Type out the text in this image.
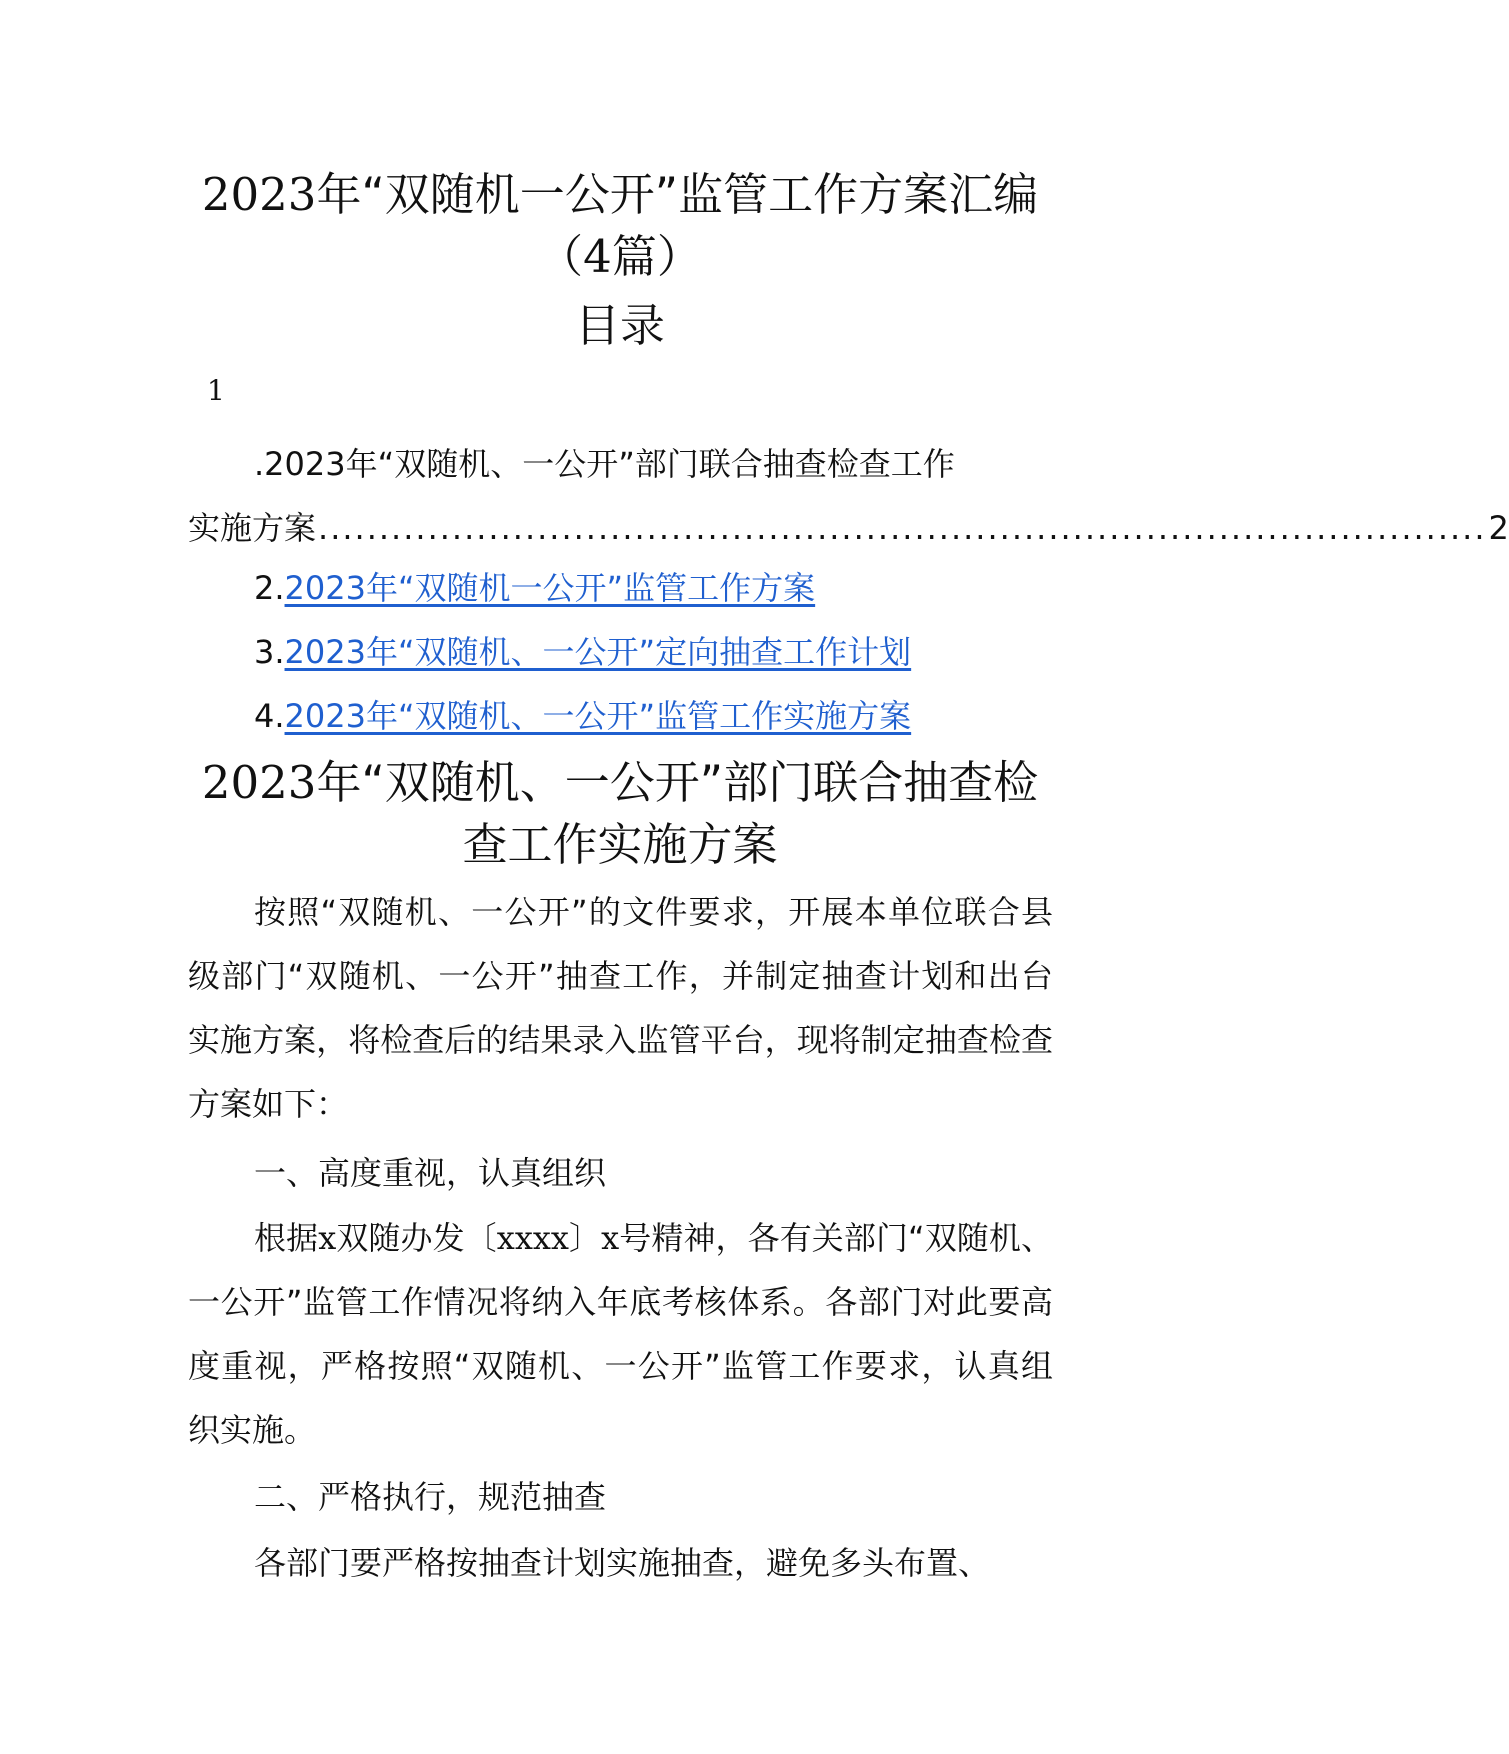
2023年“双随机一公开”监管工作方案汇编（4篇）
目录
1
.2023年“双随机、一公开”部门联合抽查检查工作
实施方案 ................................................................................................ 2
2.2023年“双随机一公开”监管工作方案
3.2023年“双随机、一公开”定向抽查工作计划
4.2023年“双随机、一公开”监管工作实施方案
2023年“双随机、一公开”部门联合抽查检查工作实施方案

按照“双随机、一公开”的文件要求，开展本单位联合县级部门“双随机、一公开”抽查工作，并制定抽查计划和出台实施方案，将检查后的结果录入监管平台，现将制定抽查检查方案如下：

一、高度重视，认真组织

根据x双随办发〔xxxx〕x号精神，各有关部门“双随机、一公开”监管工作情况将纳入年底考核体系。各部门对此要高度重视，严格按照“双随机、一公开”监管工作要求，认真组织实施。

二、严格执行，规范抽查

各部门要严格按抽查计划实施抽查，避免多头布置、
